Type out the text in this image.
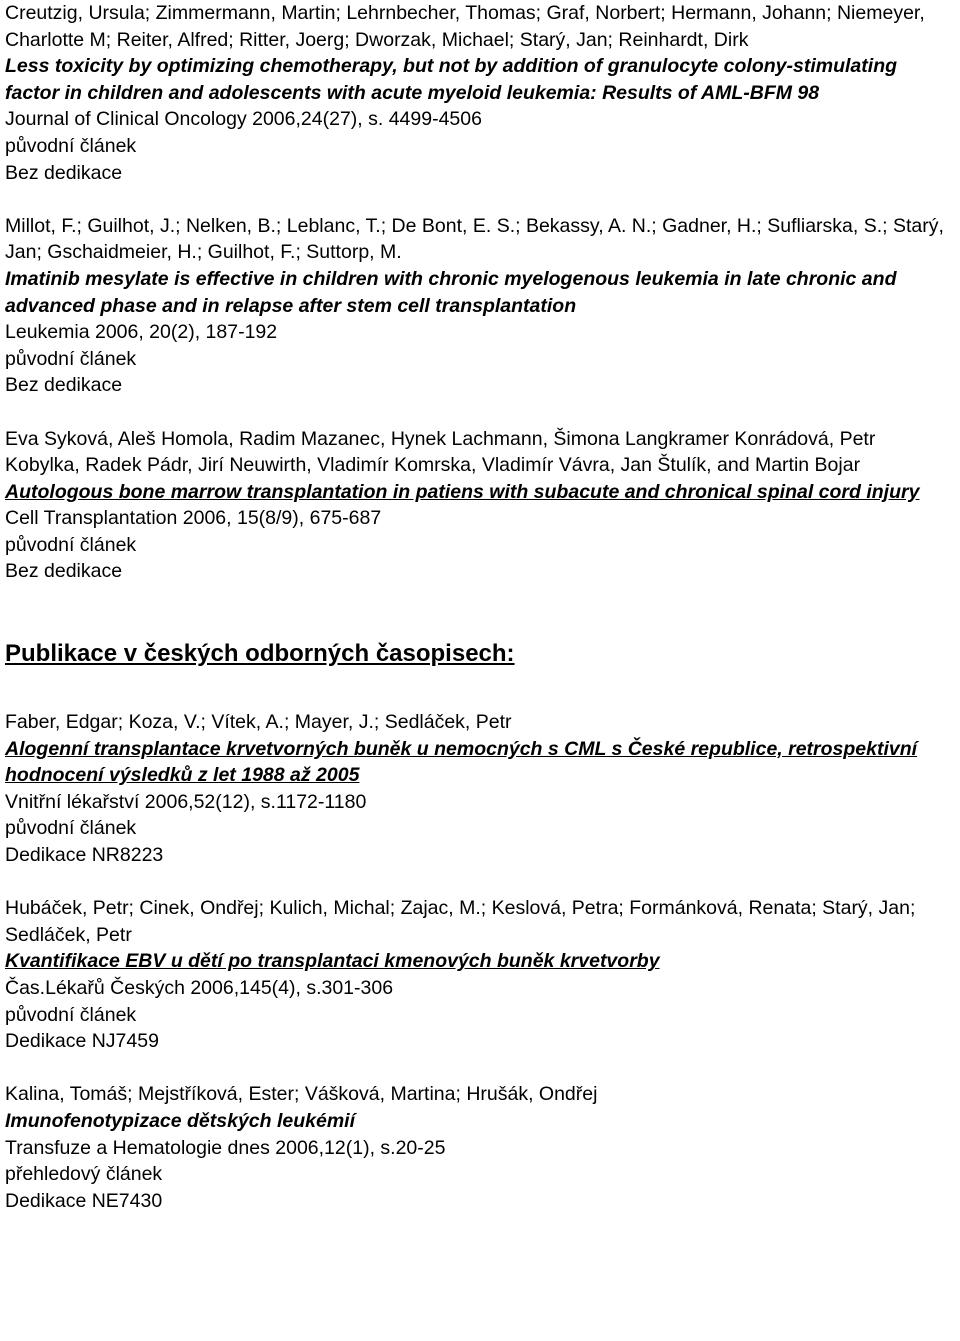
Creutzig, Ursula; Zimmermann, Martin; Lehrnbecher, Thomas; Graf, Norbert; Hermann, Johann; Niemeyer, Charlotte M; Reiter, Alfred; Ritter, Joerg; Dworzak, Michael; Starý, Jan; Reinhardt, Dirk
Less toxicity by optimizing chemotherapy, but not by addition of granulocyte colony-stimulating factor in children and adolescents with acute myeloid leukemia: Results of AML-BFM 98
Journal of Clinical Oncology 2006,24(27), s. 4499-4506
původní článek
Bez dedikace
Millot, F.; Guilhot, J.; Nelken, B.; Leblanc, T.; De Bont, E. S.; Bekassy, A. N.; Gadner, H.; Sufliarska, S.; Starý, Jan; Gschaidmeier, H.; Guilhot, F.; Suttorp, M.
Imatinib mesylate is effective in children with chronic myelogenous leukemia in late chronic and advanced phase and in relapse after stem cell transplantation
Leukemia 2006, 20(2), 187-192
původní článek
Bez dedikace
Eva Syková, Aleš Homola, Radim Mazanec, Hynek Lachmann, Šimona Langkramer Konrádová, Petr Kobylka, Radek Pádr, Jirí Neuwirth, Vladimír Komrska, Vladimír Vávra, Jan Štulík, and Martin Bojar
Autologous bone marrow transplantation in patiens with subacute and chronical spinal cord injury
Cell Transplantation 2006, 15(8/9), 675-687
původní článek
Bez dedikace
Publikace v českých odborných časopisech:
Faber, Edgar; Koza, V.; Vítek, A.; Mayer, J.; Sedláček, Petr
Alogenní transplantace krvetvorných buněk u nemocných s CML s České republice, retrospektivní hodnocení výsledků z let 1988 až 2005
Vnitřní lékařství 2006,52(12), s.1172-1180
původní článek
Dedikace NR8223
Hubáček, Petr; Cinek, Ondřej; Kulich, Michal; Zajac, M.; Keslová, Petra; Formánková, Renata; Starý, Jan; Sedláček, Petr
Kvantifikace EBV u dětí po transplantaci kmenových buněk krvetvorby
Čas.Lékařů Českých 2006,145(4), s.301-306
původní článek
Dedikace NJ7459
Kalina, Tomáš; Mejstříková, Ester; Vášková, Martina; Hrušák, Ondřej
Imunofenotypizace dětských leukémií
Transfuze a Hematologie dnes 2006,12(1), s.20-25
přehledový článek
Dedikace NE7430
